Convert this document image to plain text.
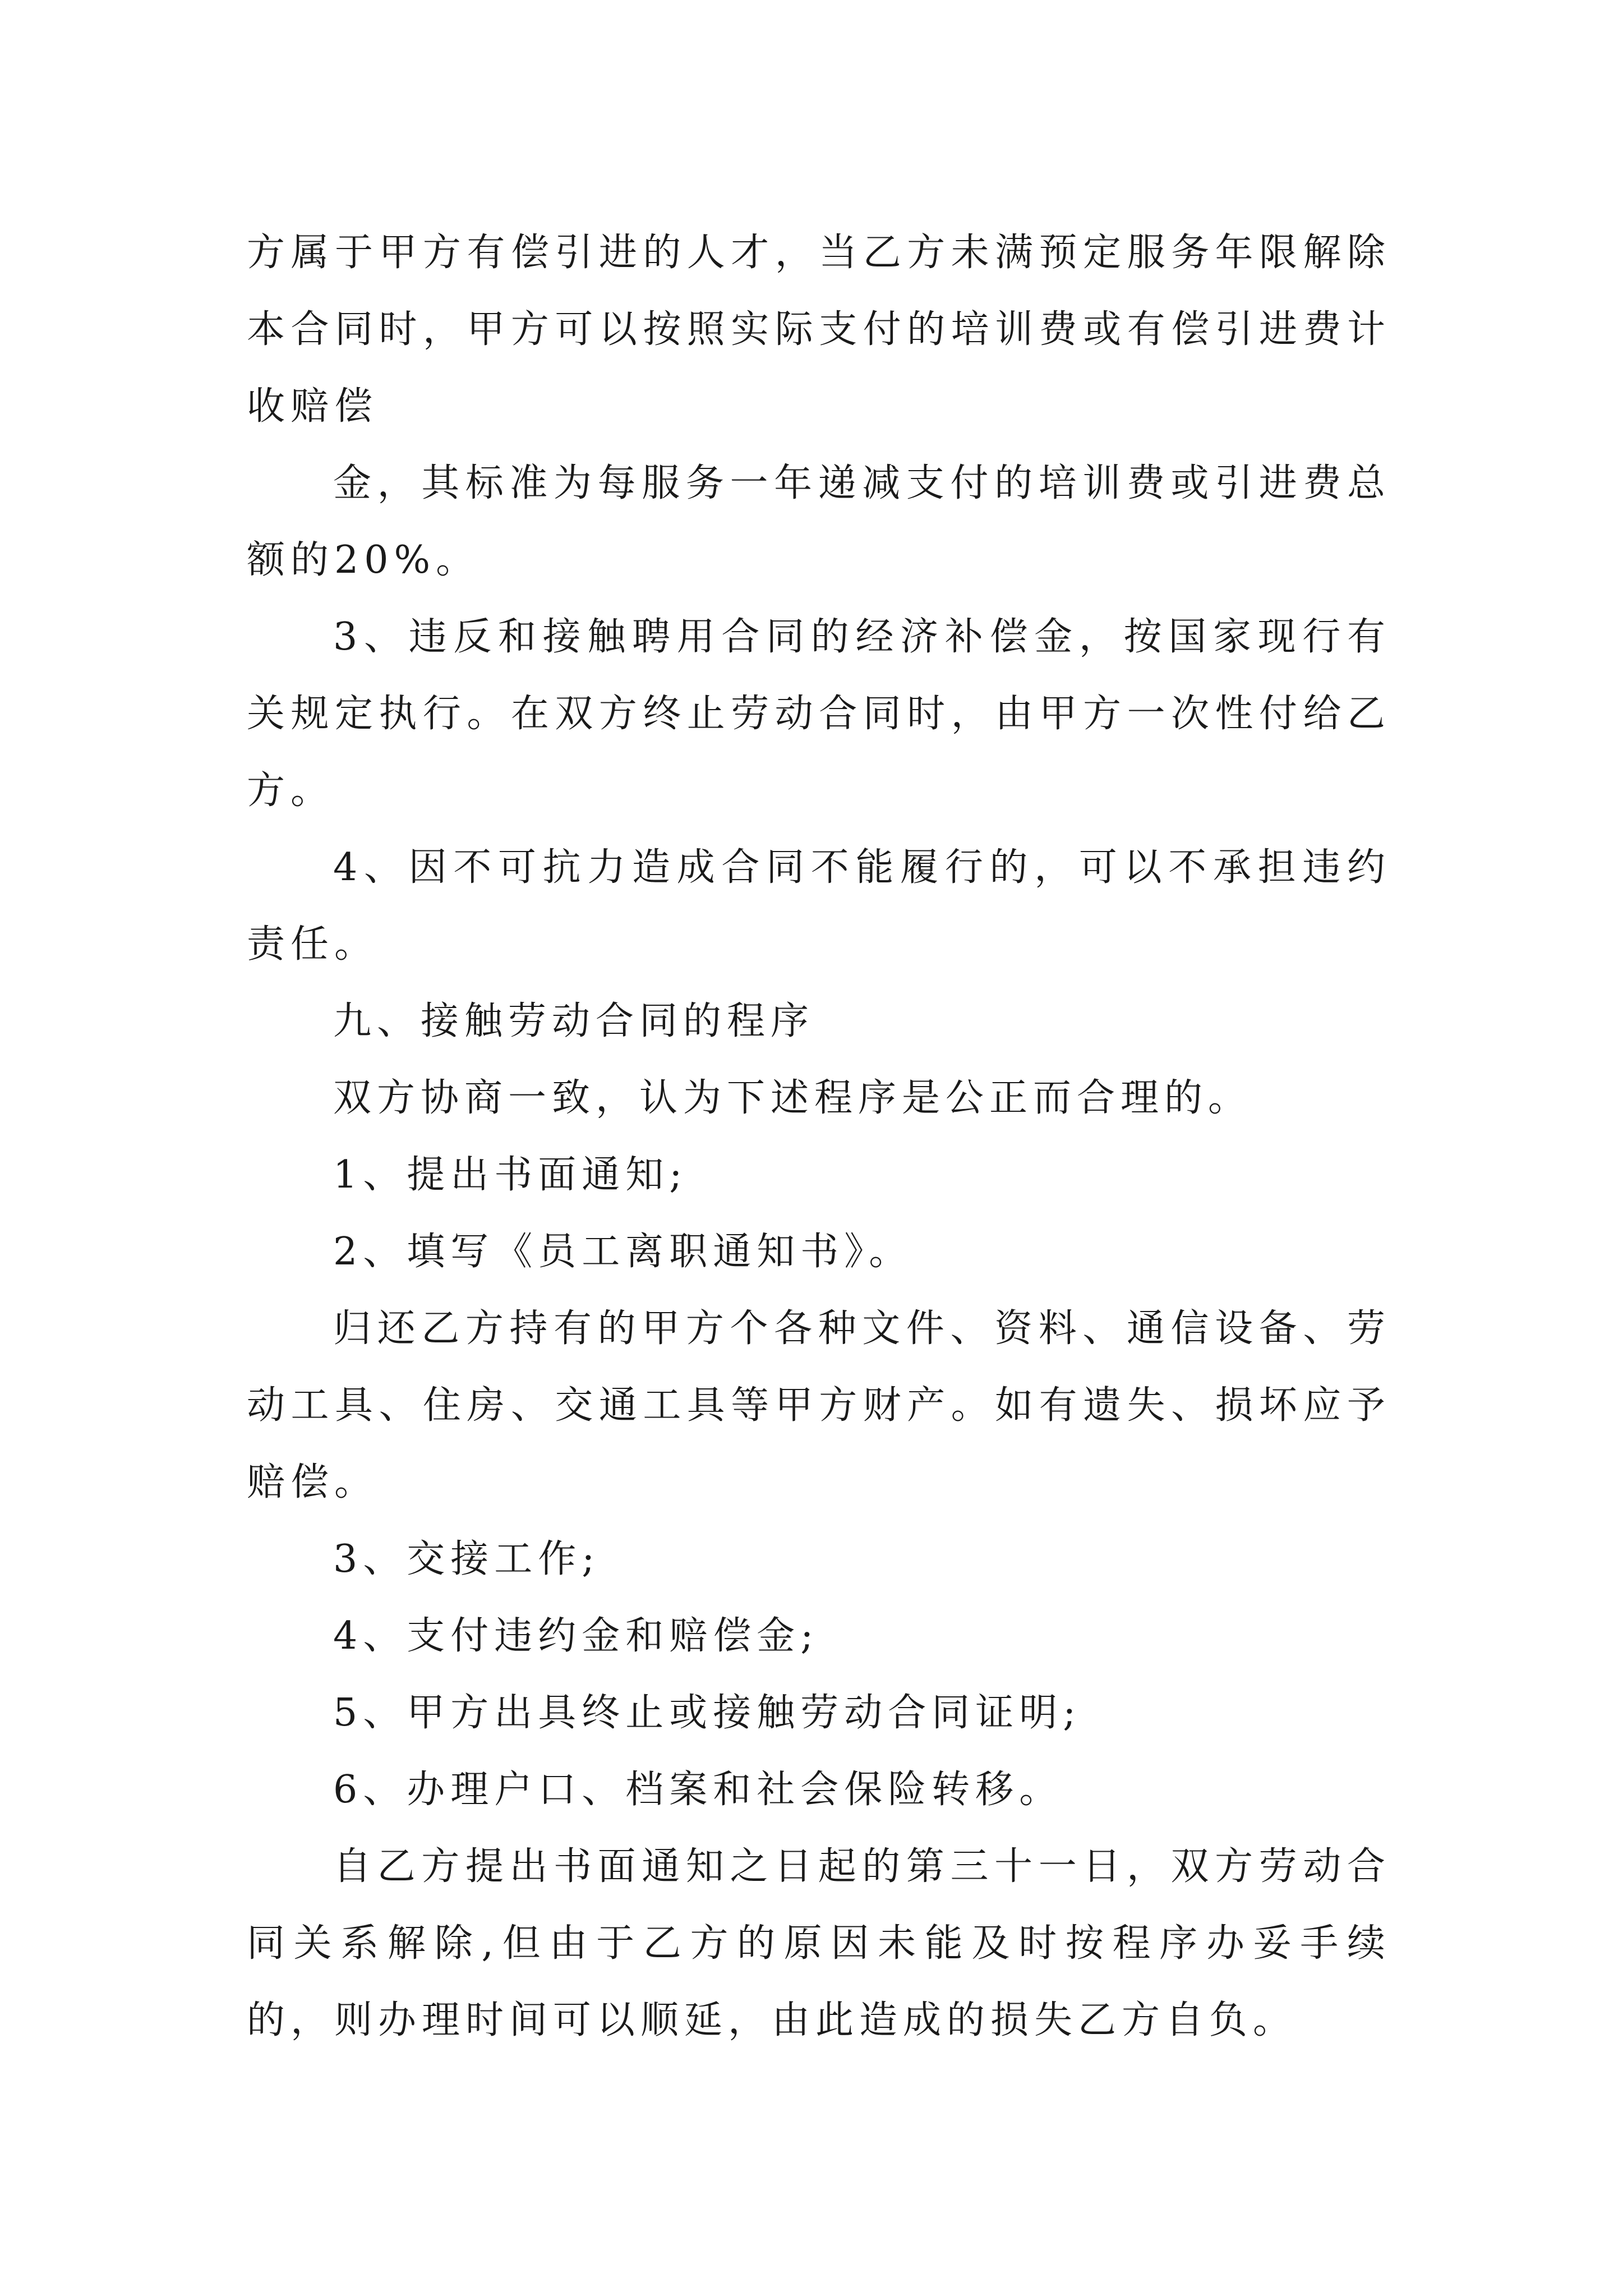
方属于甲方有偿引进的人才，当乙方未满预定服务年限解除本合同时，甲方可以按照实际支付的培训费或有偿引进费计收赔偿

金，其标准为每服务一年递减支付的培训费或引进费总额的20%。

3、违反和接触聘用合同的经济补偿金，按国家现行有关规定执行。在双方终止劳动合同时，由甲方一次性付给乙方。

4、因不可抗力造成合同不能履行的，可以不承担违约责任。

九、接触劳动合同的程序

双方协商一致，认为下述程序是公正而合理的。

1、提出书面通知;

2、填写《员工离职通知书》。

归还乙方持有的甲方个各种文件、资料、通信设备、劳动工具、住房、交通工具等甲方财产。如有遗失、损坏应予赔偿。

3、交接工作;

4、支付违约金和赔偿金;

5、甲方出具终止或接触劳动合同证明;

6、办理户口、档案和社会保险转移。

自乙方提出书面通知之日起的第三十一日，双方劳动合同关系解除,但由于乙方的原因未能及时按程序办妥手续的，则办理时间可以顺延，由此造成的损失乙方自负。
